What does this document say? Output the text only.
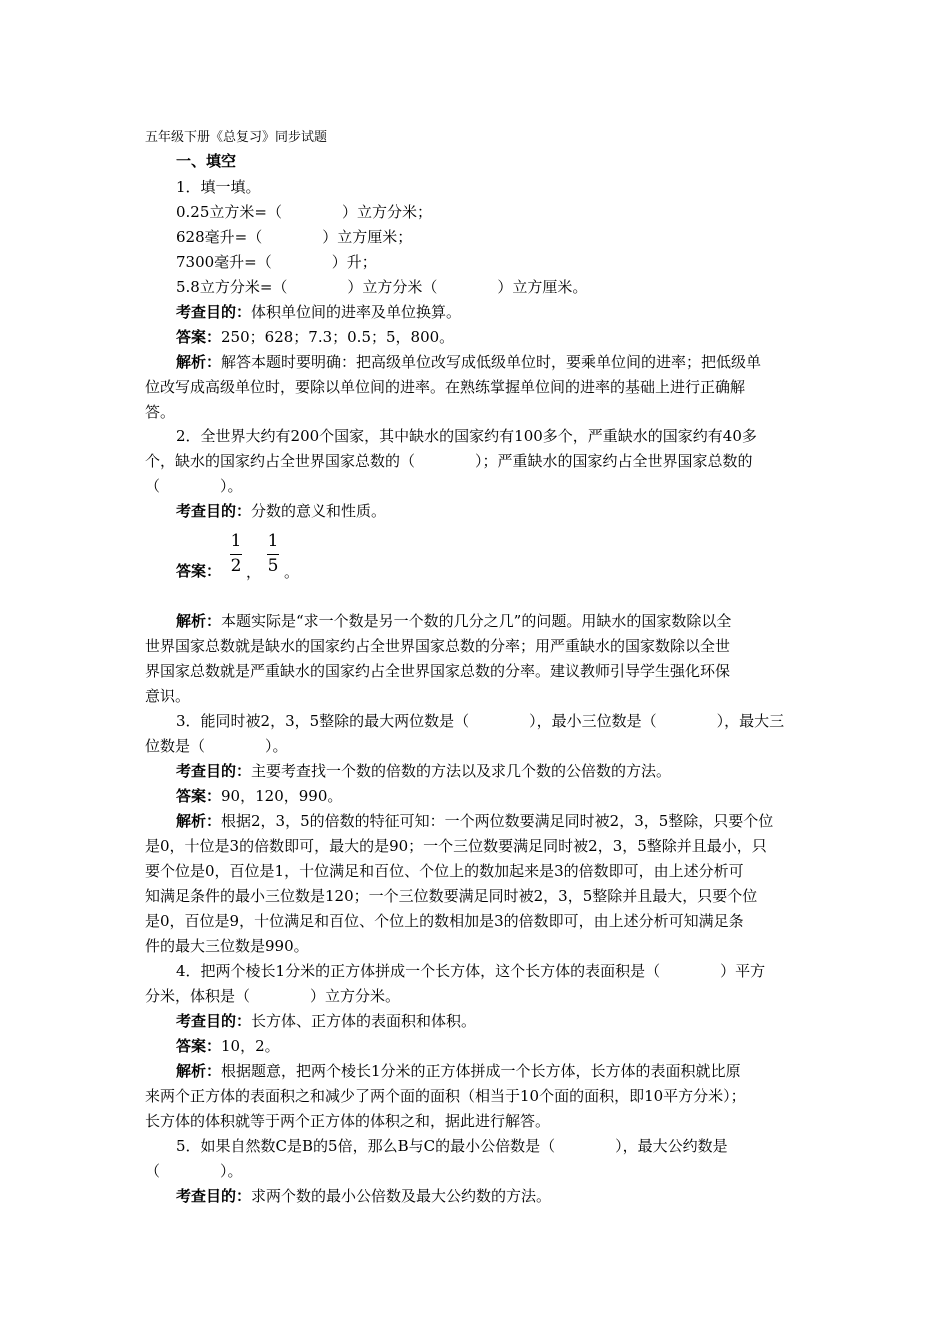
五年级下册《总复习》同步试题
一、填空
1．填一填。
0.25立方米=（　　　　）立方分米；
628毫升=（　　　　）立方厘米；
7300毫升=（　　　　）升；
5.8立方分米=（　　　　）立方分米（　　　　）立方厘米。
考查目的：体积单位间的进率及单位换算。
答案：250；628；7.3；0.5；5，800。
解析：解答本题时要明确：把高级单位改写成低级单位时，要乘单位间的进率；把低级单
位改写成高级单位时，要除以单位间的进率。在熟练掌握单位间的进率的基础上进行正确解
答。
2．全世界大约有200个国家，其中缺水的国家约有100多个，严重缺水的国家约有40多
个，缺水的国家约占全世界国家总数的（　　　　）；严重缺水的国家约占全世界国家总数的
（　　　　）。
考查目的：分数的意义和性质。
答案：
1
2 ，
1
5 。
解析：本题实际是“求一个数是另一个数的几分之几”的问题。用缺水的国家数除以全
世界国家总数就是缺水的国家约占全世界国家总数的分率；用严重缺水的国家数除以全世
界国家总数就是严重缺水的国家约占全世界国家总数的分率。建议教师引导学生强化环保
意识。
3．能同时被2，3，5整除的最大两位数是（　　　　），最小三位数是（　　　　），最大三
位数是（　　　　）。
考查目的：主要考查找一个数的倍数的方法以及求几个数的公倍数的方法。
答案：90，120，990。
解析：根据2，3，5的倍数的特征可知：一个两位数要满足同时被2，3，5整除，只要个位
是0，十位是3的倍数即可，最大的是90；一个三位数要满足同时被2，3，5整除并且最小，只
要个位是0，百位是1，十位满足和百位、个位上的数加起来是3的倍数即可，由上述分析可
知满足条件的最小三位数是120；一个三位数要满足同时被2，3，5整除并且最大，只要个位
是0，百位是9，十位满足和百位、个位上的数相加是3的倍数即可，由上述分析可知满足条
件的最大三位数是990。
4．把两个棱长1分米的正方体拼成一个长方体，这个长方体的表面积是（　　　　）平方
分米，体积是（　　　　）立方分米。
考查目的：长方体、正方体的表面积和体积。
答案：10，2。
解析：根据题意，把两个棱长1分米的正方体拼成一个长方体，长方体的表面积就比原
来两个正方体的表面积之和减少了两个面的面积（相当于10个面的面积，即10平方分米）；
长方体的体积就等于两个正方体的体积之和，据此进行解答。
5．如果自然数C是B的5倍，那么B与C的最小公倍数是（　　　　），最大公约数是
（　　　　）。
考查目的：求两个数的最小公倍数及最大公约数的方法。
